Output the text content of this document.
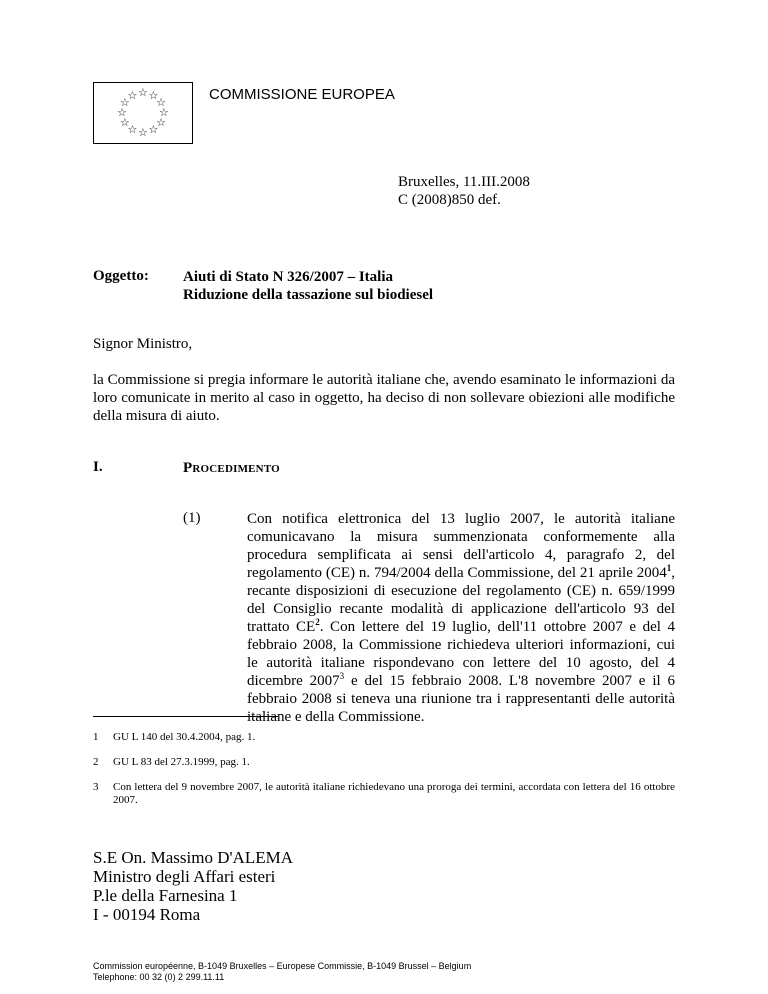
☆ ☆
☆
☆
☆
☆
☆
☆
☆
☆
☆
☆	COMMISSIONE EUROPEA
Bruxelles, 11.III.2008
C (2008)850 def.
Oggetto: Aiuti di Stato N 326/2007 – Italia
Riduzione della tassazione sul biodiesel
Signor Ministro,
la Commissione si pregia informare le autorità italiane che, avendo esaminato le informazioni da loro comunicate in merito al caso in oggetto, ha deciso di non sollevare obiezioni alle modifiche della misura di aiuto.
I.	Procedimento
(1)	Con notifica elettronica del 13 luglio 2007, le autorità italiane comunicavano la misura summenzionata conformemente alla procedura semplificata ai sensi dell'articolo 4, paragrafo 2, del regolamento (CE) n. 794/2004 della Commissione, del 21 aprile 2004$^1$, recante disposizioni di esecuzione del regolamento (CE) n. 659/1999 del Consiglio recante modalità di applicazione dell'articolo 93 del trattato $CE^2$. Con lettere del 19 luglio, dell'11 ottobre 2007 e del 4 febbraio 2008, la Commissione richiedeva ulteriori informazioni, cui le autorità italiane rispondevano con lettere del 10 agosto, del 4 dicembre 2007$^3$ e del 15 febbraio 2008. L'8 novembre 2007 e il 6 febbraio 2008 si teneva una riunione tra i rappresentanti delle autorità italiane e della Commissione.
1 GU L 140 del 30.4.2004, pag. 1.
2 GU L 83 del 27.3.1999, pag. 1.
3 Con lettera del 9 novembre 2007, le autorità italiane richiedevano una proroga dei termini, accordata con lettera del 16 ottobre 2007.
S.E On. Massimo D'ALEMA
Ministro degli Affari esteri
P.le della Farnesina 1
I - 00194 Roma
Commission européenne, B-1049 Bruxelles – Europese Commissie, B-1049 Brussel – Belgium
Telephone: 00 32 (0) 2 299.11.11
